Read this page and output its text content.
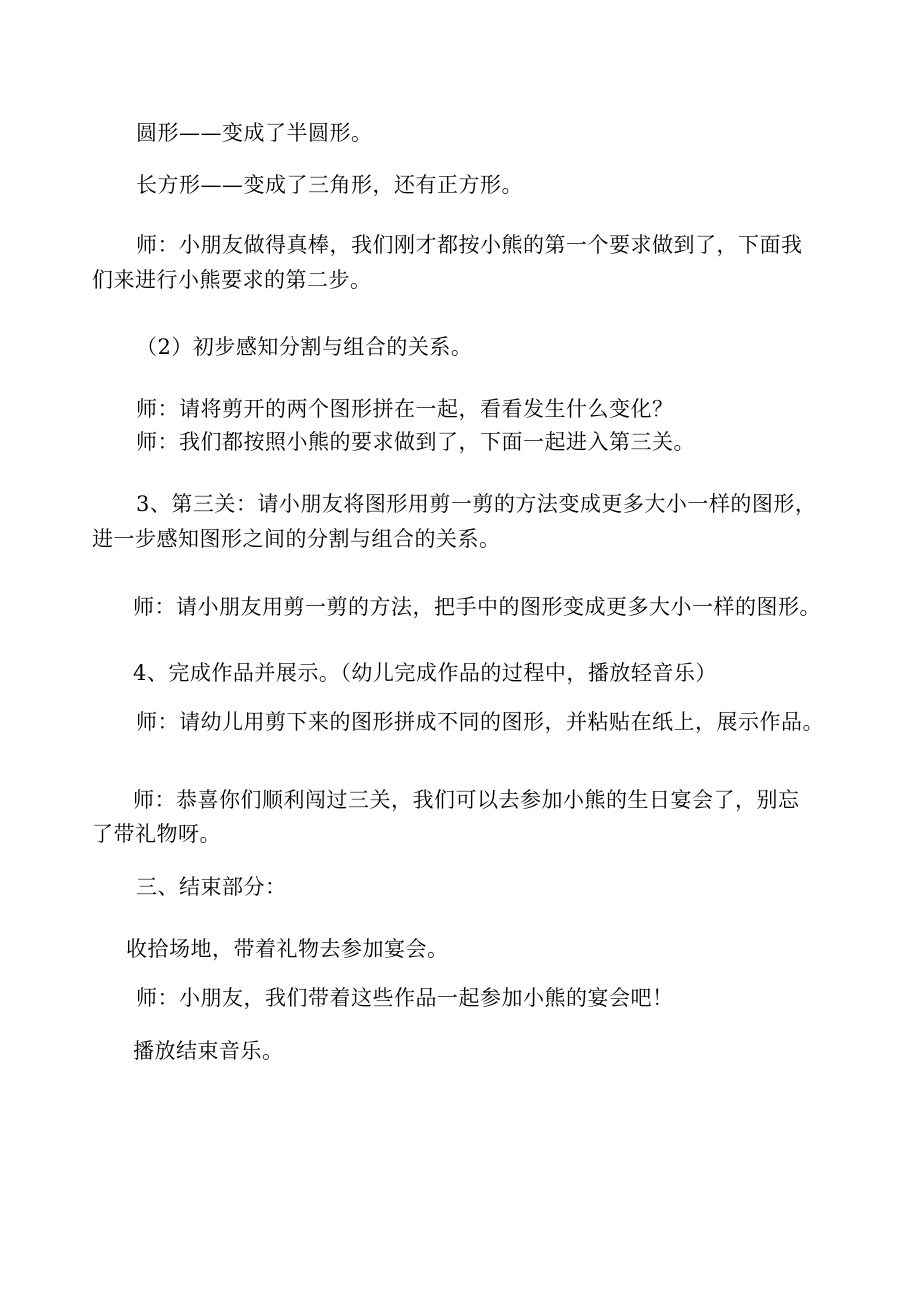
圆形——变成了半圆形。
长方形——变成了三角形，还有正方形。
师：小朋友做得真棒，我们刚才都按小熊的第一个要求做到了，下面我
们来进行小熊要求的第二步。
（2）初步感知分割与组合的关系。
师：请将剪开的两个图形拼在一起，看看发生什么变化？
师：我们都按照小熊的要求做到了，下面一起进入第三关。
3、第三关：请小朋友将图形用剪一剪的方法变成更多大小一样的图形，
进一步感知图形之间的分割与组合的关系。
师：请小朋友用剪一剪的方法，把手中的图形变成更多大小一样的图形。
4、完成作品并展示。（幼儿完成作品的过程中，播放轻音乐）
师：请幼儿用剪下来的图形拼成不同的图形，并粘贴在纸上，展示作品。
师：恭喜你们顺利闯过三关，我们可以去参加小熊的生日宴会了，别忘
了带礼物呀。
三、结束部分：
收拾场地，带着礼物去参加宴会。
师：小朋友，我们带着这些作品一起参加小熊的宴会吧！
播放结束音乐。
